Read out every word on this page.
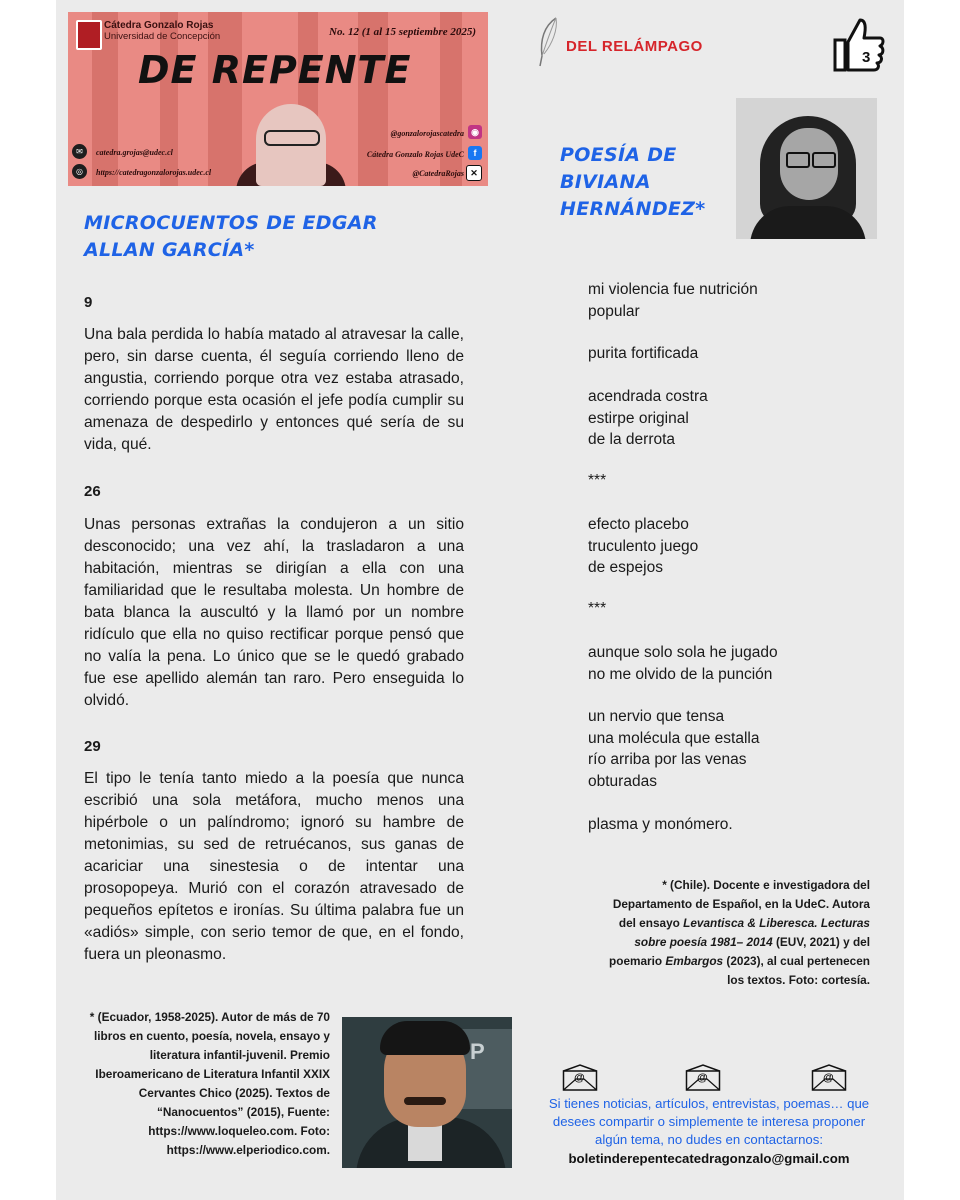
Cátedra Gonzalo Rojas
Universidad de Concepción	No. 12 (1 al 15 septiembre 2025)
DE REPENTE
✉	catedra.grojas@udec.cl
◎	https://catedragonzalorojas.udec.cl
@gonzalorojascatedra ◉
Cátedra Gonzalo Rojas UdeC	f
@CatedraRojas ✕
DEL RELÁMPAGO
3
MICROCUENTOS DE EDGAR
ALLAN GARCÍA*
9
Una bala perdida lo había matado al atravesar la calle, pero, sin darse cuenta, él seguía corriendo lleno de angustia, corriendo porque otra vez estaba atrasado, corriendo porque esta ocasión el jefe podía cumplir su amenaza de despedirlo y entonces qué sería de su vida, qué.
26
Unas personas extrañas la condujeron a un sitio desconocido; una vez ahí, la trasladaron a una habitación, mientras se dirigían a ella con una familiaridad que le resultaba molesta. Un hombre de bata blanca la auscultó y la llamó por un nombre ridículo que ella no quiso rectificar porque pensó que no valía la pena. Lo único que se le quedó grabado fue ese apellido alemán tan raro. Pero enseguida lo olvidó.
29
El tipo le tenía tanto miedo a la poesía que nunca escribió una sola metáfora, mucho menos una hipérbole o un palíndromo; ignoró su hambre de metonimias, su sed de retruécanos, sus ganas de acariciar una sinestesia o de intentar una prosopopeya. Murió con el corazón atravesado de pequeños epítetos e ironías. Su última palabra fue un «adiós» simple, con serio temor de que, en el fondo, fuera un pleonasmo.
* (Ecuador, 1958-2025). Autor de más de 70 libros en cuento, poesía, novela, ensayo y literatura infantil-juvenil. Premio Iberoamericano de Literatura Infantil XXIX Cervantes Chico (2025). Textos de “Nanocuentos” (2015), Fuente: https://www.loqueleo.com. Foto: https://www.elperiodico.com.
P
POESÍA DE
BIVIANA
HERNÁNDEZ*
mi violencia fue nutrición
popular
purita fortificada
acendrada costra
estirpe original
de la derrota
***
efecto placebo
truculento juego
de espejos
***
aunque solo sola he jugado
no me olvido de la punción
un nervio que tensa
una molécula que estalla
río arriba por las venas
obturadas
plasma y monómero.
* (Chile). Docente e investigadora del
Departamento de Español, en la UdeC. Autora
del ensayo Levantisca & Liberesca. Lecturas
sobre poesía 1981– 2014 (EUV, 2021) y del
poemario Embargos (2023), al cual pertenecen
los textos. Foto: cortesía.
@	@	@
Si tienes noticias, artículos, entrevistas, poemas… que desees compartir o simplemente te interesa proponer algún tema, no dudes en contactarnos:
boletinderepentecatedragonzalo@gmail.com
